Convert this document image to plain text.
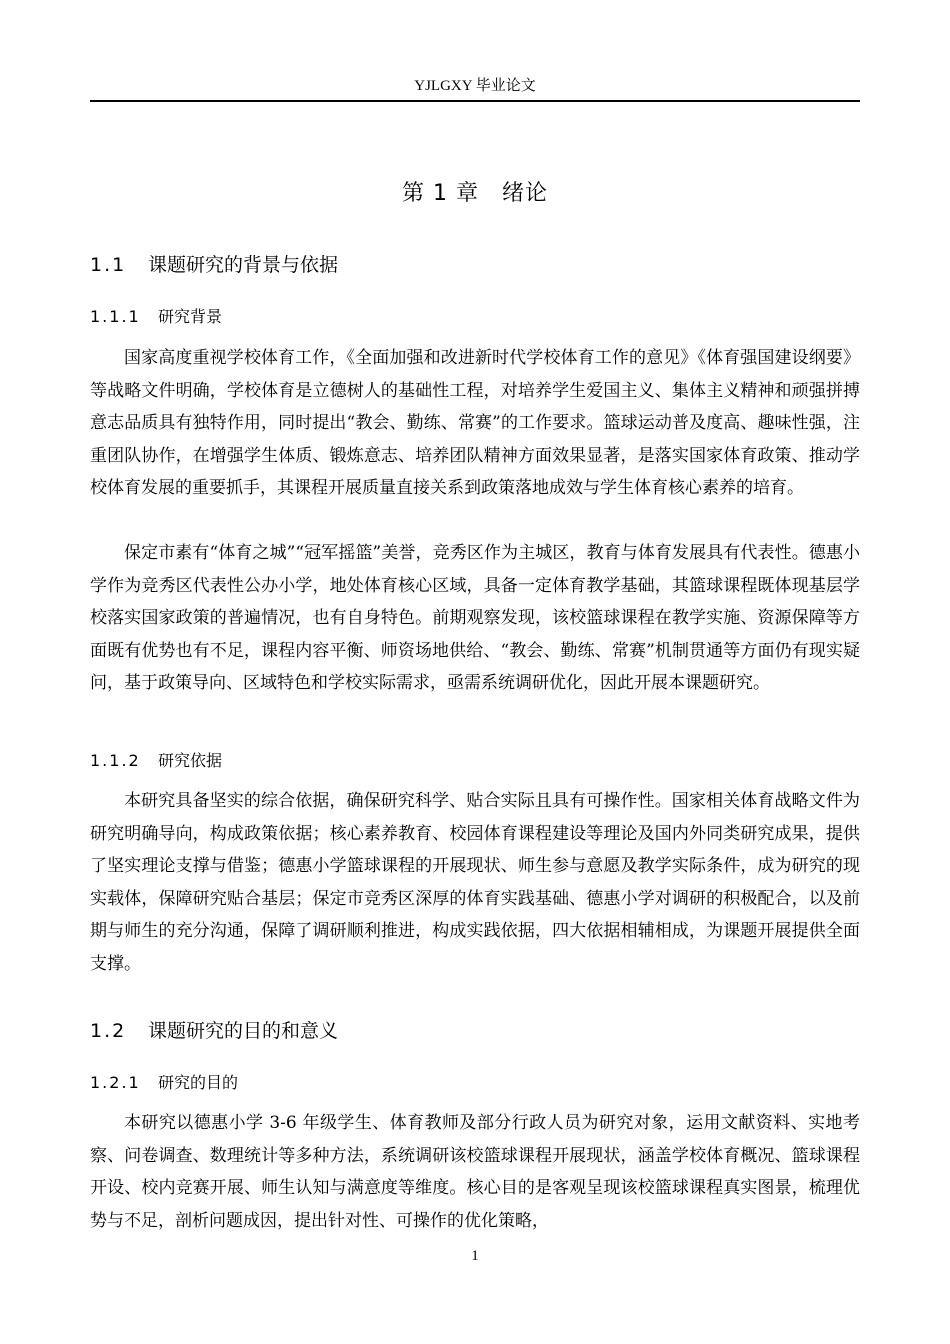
YJLGXY 毕业论文
第 1 章　绪论
1.1 课题研究的背景与依据
1.1.1 研究背景

国家高度重视学校体育工作，《全面加强和改进新时代学校体育工作的意见》《体育强国建设纲要》等战略文件明确，学校体育是立德树人的基础性工程，对培养学生爱国主义、集体主义精神和顽强拼搏意志品质具有独特作用，同时提出“教会、勤练、常赛”的工作要求。篮球运动普及度高、趣味性强，注重团队协作，在增强学生体质、锻炼意志、培养团队精神方面效果显著，是落实国家体育政策、推动学校体育发展的重要抓手，其课程开展质量直接关系到政策落地成效与学生体育核心素养的培育。

保定市素有“体育之城”“冠军摇篮”美誉，竞秀区作为主城区，教育与体育发展具有代表性。德惠小学作为竞秀区代表性公办小学，地处体育核心区域，具备一定体育教学基础，其篮球课程既体现基层学校落实国家政策的普遍情况，也有自身特色。前期观察发现，该校篮球课程在教学实施、资源保障等方面既有优势也有不足，课程内容平衡、师资场地供给、“教会、勤练、常赛”机制贯通等方面仍有现实疑问，基于政策导向、区域特色和学校实际需求，亟需系统调研优化，因此开展本课题研究。

1.1.2 研究依据

本研究具备坚实的综合依据，确保研究科学、贴合实际且具有可操作性。国家相关体育战略文件为研究明确导向，构成政策依据；核心素养教育、校园体育课程建设等理论及国内外同类研究成果，提供了坚实理论支撑与借鉴；德惠小学篮球课程的开展现状、师生参与意愿及教学实际条件，成为研究的现实载体，保障研究贴合基层；保定市竞秀区深厚的体育实践基础、德惠小学对调研的积极配合，以及前期与师生的充分沟通，保障了调研顺利推进，构成实践依据，四大依据相辅相成，为课题开展提供全面支撑。

1.2 课题研究的目的和意义
1.2.1 研究的目的

本研究以德惠小学 3-6 年级学生、体育教师及部分行政人员为研究对象，运用文献资料、实地考察、问卷调查、数理统计等多种方法，系统调研该校篮球课程开展现状，涵盖学校体育概况、篮球课程开设、校内竞赛开展、师生认知与满意度等维度。核心目的是客观呈现该校篮球课程真实图景，梳理优势与不足，剖析问题成因，提出针对性、可操作的优化策略，

1
